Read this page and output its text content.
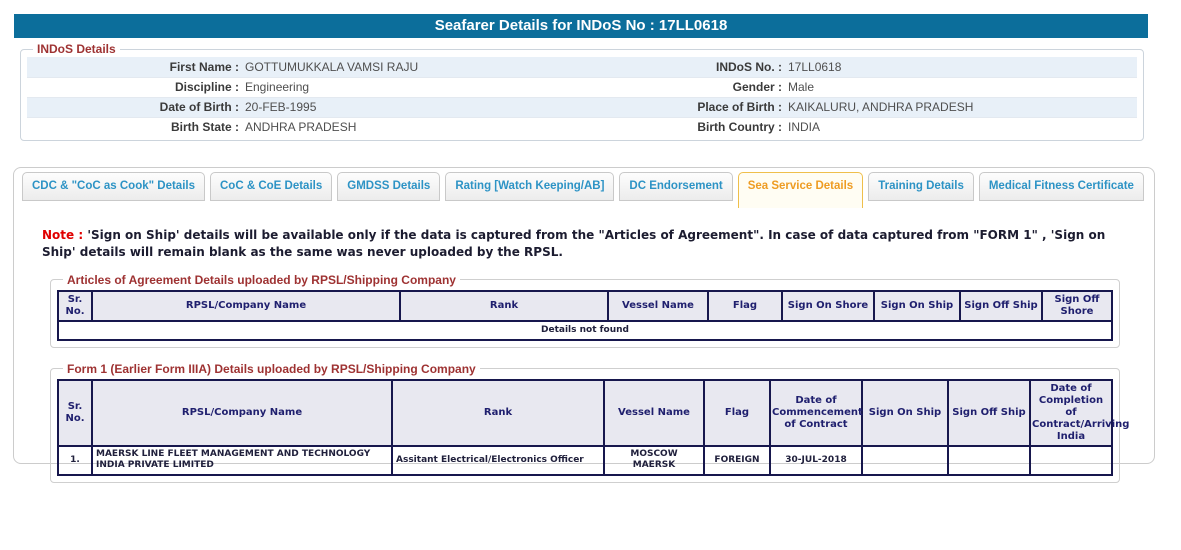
Seafarer Details for INDoS No : 17LL0618
INDoS Details
First Name : GOTTUMUKKALA VAMSI RAJU	INDoS No. : 17LL0618
Discipline : Engineering	Gender : Male
Date of Birth : 20-FEB-1995	Place of Birth : KAIKALURU, ANDHRA PRADESH
Birth State : ANDHRA PRADESH	Birth Country : INDIA
CDC & "CoC as Cook" Details	CoC & CoE Details	GMDSS Details	Rating [Watch Keeping/AB]	DC Endorsement	Sea Service Details	Training Details	Medical Fitness Certificate
Note : 'Sign on Ship' details will be available only if the data is captured from the "Articles of Agreement". In case of data captured from "FORM 1" , 'Sign on Ship' details will remain blank as the same was never uploaded by the RPSL.
Articles of Agreement Details uploaded by RPSL/Shipping Company
Sr. No.	RPSL/Company Name	Rank	Vessel Name	Flag	Sign On Shore	Sign On Ship	Sign Off Ship	Sign Off Shore
Details not found
Form 1 (Earlier Form IIIA) Details uploaded by RPSL/Shipping Company
Sr. No.	RPSL/Company Name	Rank	Vessel Name	Flag	Date of Commencement of Contract	Sign On Ship	Sign Off Ship	Date of Completion of Contract/Arriving India
1.	MAERSK LINE FLEET MANAGEMENT AND TECHNOLOGY INDIA PRIVATE LIMITED	Assitant Electrical/Electronics Officer	MOSCOW MAERSK	FOREIGN	30-JUL-2018			
